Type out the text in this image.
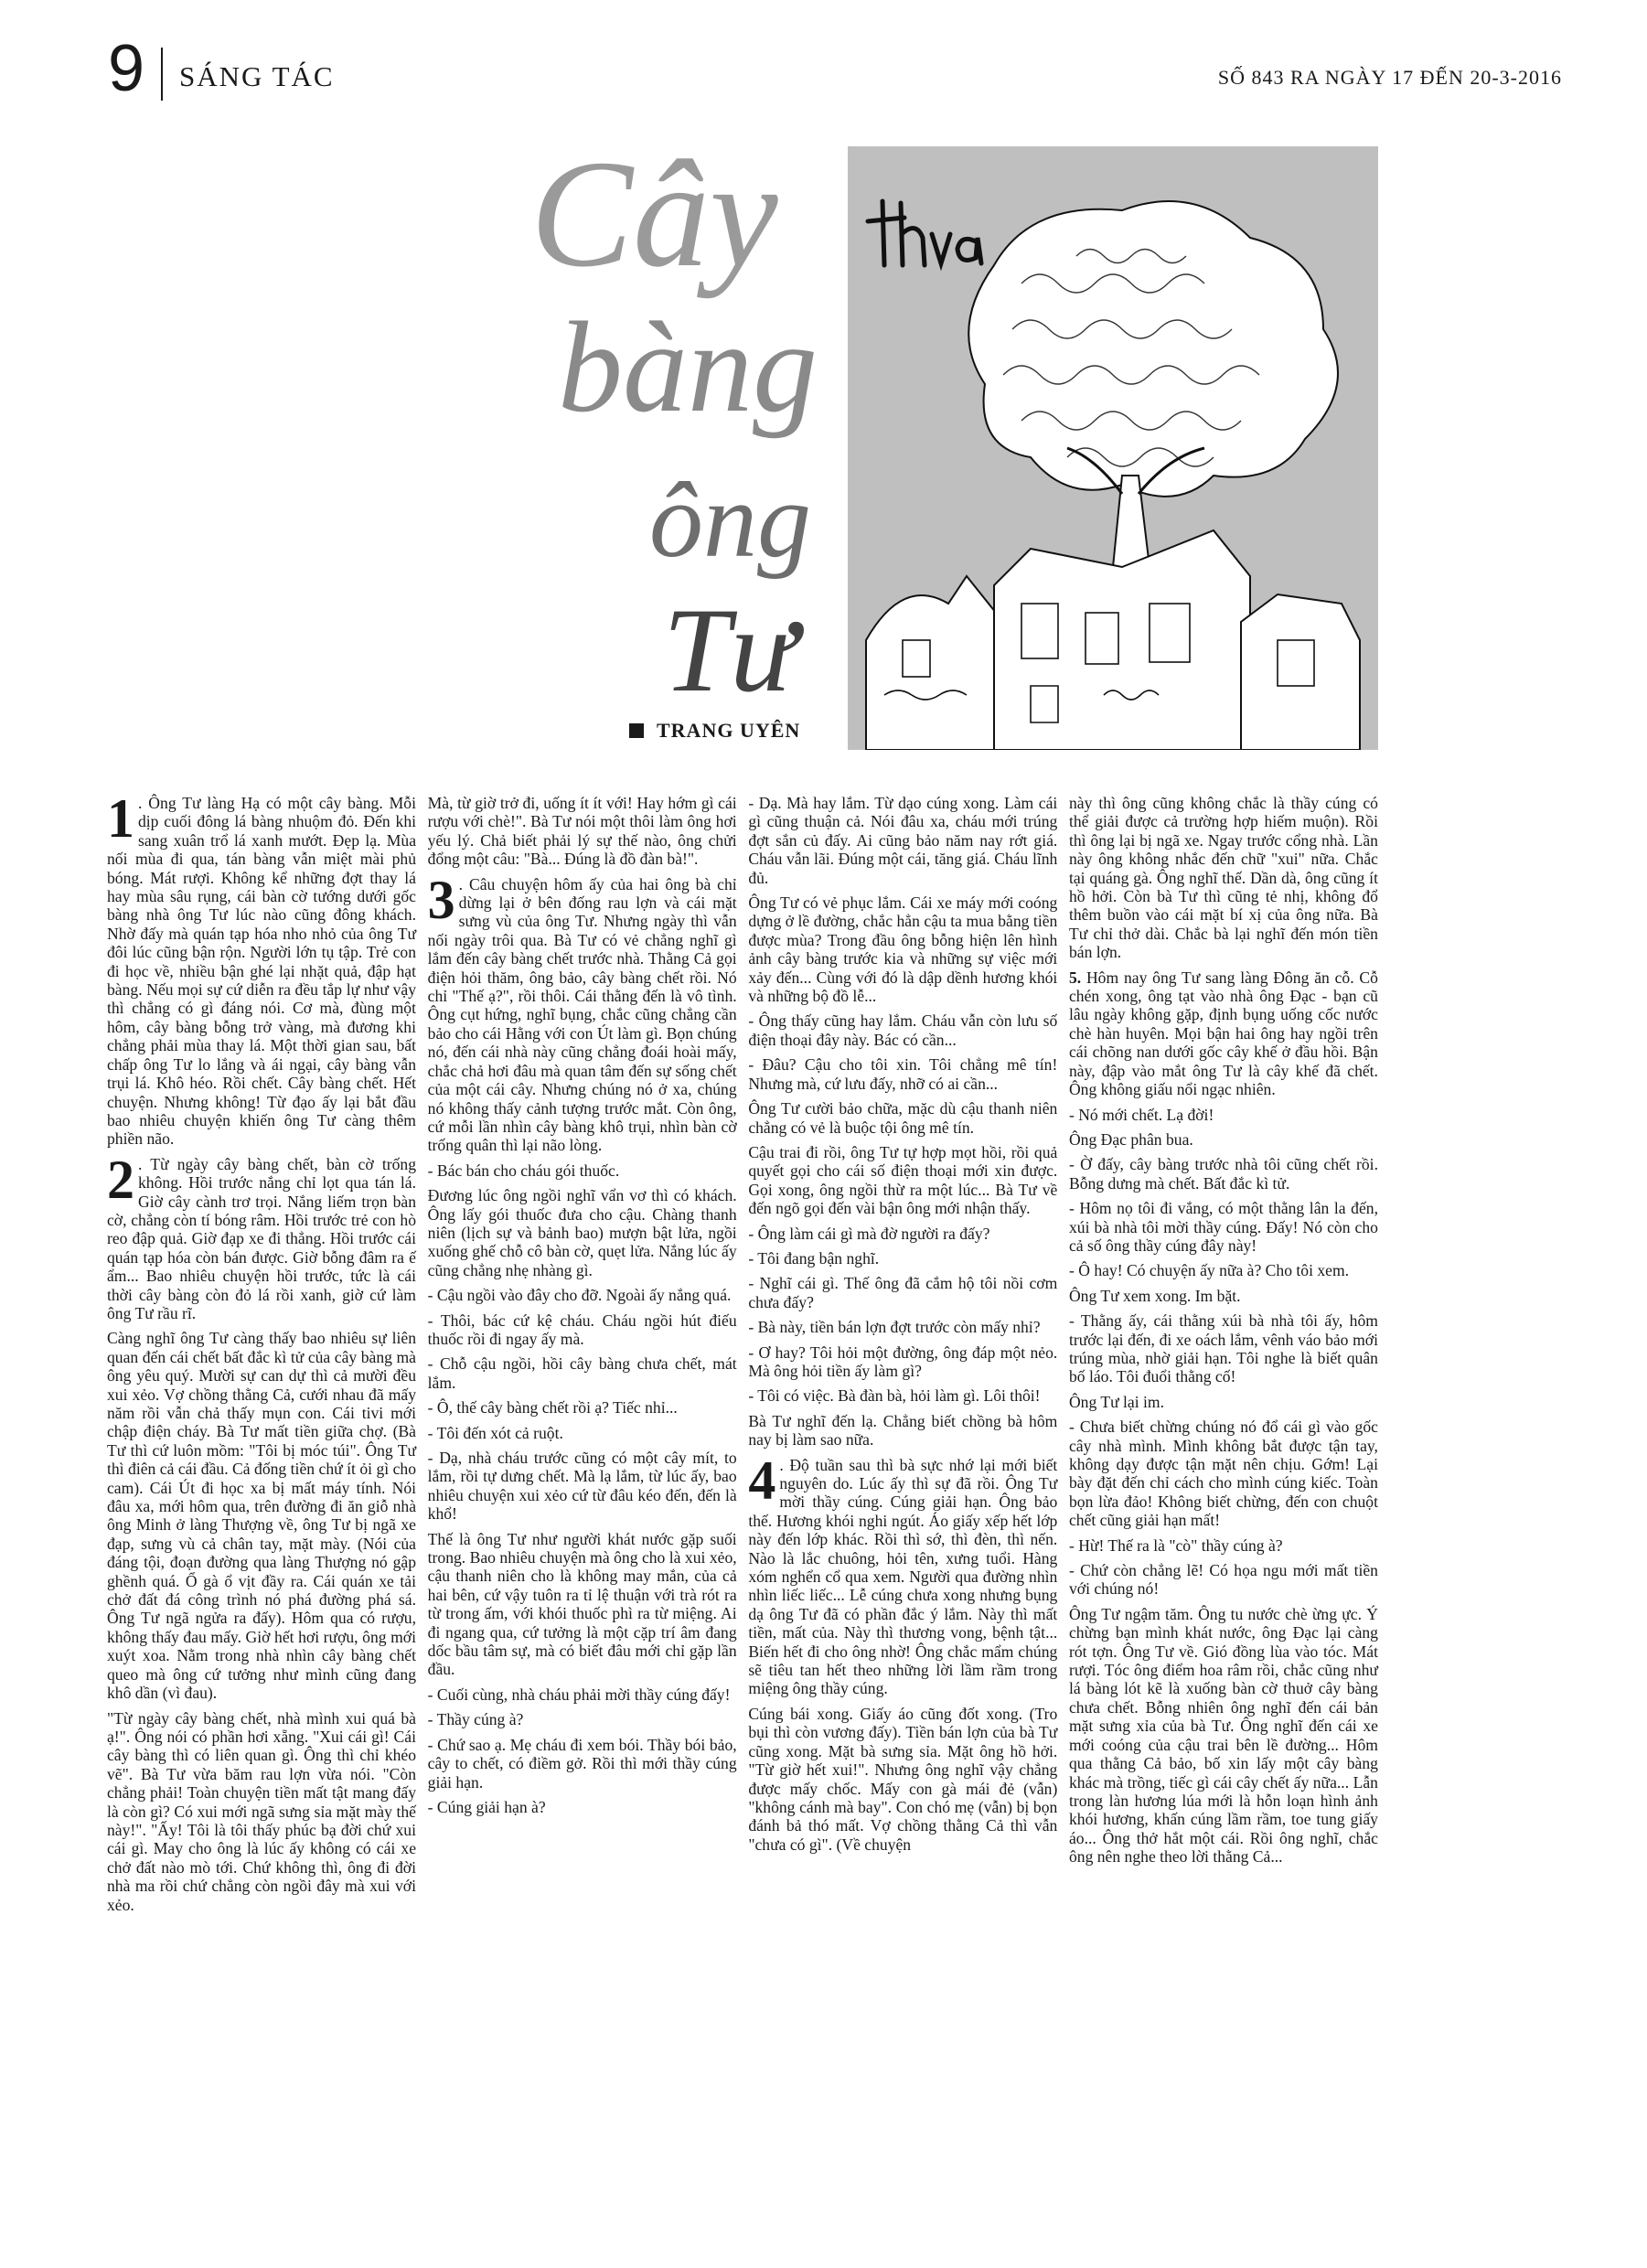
9 SÁNG TÁC	SỐ 843 RA NGÀY 17 ĐẾN 20-3-2016
Cây
bàng
ông
Tư
TRANG UYÊN

1 . Ông Tư làng Hạ có một cây bàng. Mỗi dịp cuối đông lá bàng nhuộm đỏ. Đến khi sang xuân trổ lá xanh mướt. Đẹp lạ. Mùa nối mùa đi qua, tán bàng vẫn miệt mài phủ bóng. Mát rượi. Không kể những đợt thay lá hay mùa sâu rụng, cái bàn cờ tướng dưới gốc bàng nhà ông Tư lúc nào cũng đông khách. Nhờ đấy mà quán tạp hóa nho nhỏ của ông Tư đôi lúc cũng bận rộn. Người lớn tụ tập. Trẻ con đi học về, nhiều bận ghé lại nhặt quả, đập hạt bàng. Nếu mọi sự cứ diễn ra đều tắp lự như vậy thì chẳng có gì đáng nói. Cơ mà, đùng một hôm, cây bàng bỗng trở vàng, mà đương khi chẳng phải mùa thay lá. Một thời gian sau, bất chấp ông Tư lo lắng và ái ngại, cây bàng vẫn trụi lá. Khô héo. Rồi chết. Cây bàng chết. Hết chuyện. Nhưng không! Từ đạo ấy lại bắt đầu bao nhiêu chuyện khiến ông Tư càng thêm phiền não.

2 . Từ ngày cây bàng chết, bàn cờ trống không. Hồi trước nắng chỉ lọt qua tán lá. Giờ cây cành trơ trọi. Nắng liếm trọn bàn cờ, chẳng còn tí bóng râm. Hồi trước trẻ con hò reo đập quả. Giờ đạp xe đi thẳng. Hồi trước cái quán tạp hóa còn bán được. Giờ bỗng đâm ra ế ẩm... Bao nhiêu chuyện hồi trước, tức là cái thời cây bàng còn đỏ lá rồi xanh, giờ cứ làm ông Tư rầu rĩ.

Càng nghĩ ông Tư càng thấy bao nhiêu sự liên quan đến cái chết bất đắc kì tử của cây bàng mà ông yêu quý. Mười sự can dự thì cả mười đều xui xẻo. Vợ chồng thằng Cả, cưới nhau đã mấy năm rồi vẫn chả thấy mụn con. Cái tivi mới chập điện cháy. Bà Tư mất tiền giữa chợ. (Bà Tư thì cứ luôn mồm: "Tôi bị móc túi". Ông Tư thì điên cả cái đầu. Cả đống tiền chứ ít ỏi gì cho cam). Cái Út đi học xa bị mất máy tính. Nói đâu xa, mới hôm qua, trên đường đi ăn giỗ nhà ông Minh ở làng Thượng về, ông Tư bị ngã xe đạp, sưng vù cả chân tay, mặt mày. (Nói của đáng tội, đoạn đường qua làng Thượng nó gập ghềnh quá. Ổ gà ổ vịt đầy ra. Cái quán xe tải chở đất đá công trình nó phá đường phá sá. Ông Tư ngã ngửa ra đấy). Hôm qua có rượu, không thấy đau mấy. Giờ hết hơi rượu, ông mới xuýt xoa. Nằm trong nhà nhìn cây bàng chết queo mà ông cứ tưởng như mình cũng đang khô dần (vì đau).

"Từ ngày cây bàng chết, nhà mình xui quá bà ạ!". Ông nói có phần hơi xẵng. "Xui cái gì! Cái cây bàng thì có liên quan gì. Ông thì chỉ khéo vẽ". Bà Tư vừa băm rau lợn vừa nói. "Còn chẳng phải! Toàn chuyện tiền mất tật mang đấy là còn gì? Có xui mới ngã sưng sỉa mặt mày thế này!". "Ấy! Tôi là tôi thấy phúc bạ đời chứ xui cái gì. May cho ông là lúc ấy không có cái xe chở đất nào mò tới. Chứ không thì, ông đi đời nhà ma rồi chứ chẳng còn ngồi đây mà xui với xẻo.

Mà, từ giờ trở đi, uống ít ít với! Hay hớm gì cái rượu với chè!". Bà Tư nói một thôi làm ông hơi yếu lý. Chả biết phải lý sự thế nào, ông chửi đổng một câu: "Bà... Đúng là đồ đàn bà!".

3 . Câu chuyện hôm ấy của hai ông bà chỉ dừng lại ở bên đống rau lợn và cái mặt sưng vù của ông Tư. Nhưng ngày thì vẫn nối ngày trôi qua. Bà Tư có vẻ chẳng nghĩ gì lắm đến cây bàng chết trước nhà. Thằng Cả gọi điện hỏi thăm, ông bảo, cây bàng chết rồi. Nó chỉ "Thế ạ?", rồi thôi. Cái thằng đến là vô tình. Ông cụt hứng, nghĩ bụng, chắc cũng chẳng cần bảo cho cái Hằng với con Út làm gì. Bọn chúng nó, đến cái nhà này cũng chẳng đoái hoài mấy, chắc chả hơi đâu mà quan tâm đến sự sống chết của một cái cây. Nhưng chúng nó ở xa, chúng nó không thấy cảnh tượng trước mắt. Còn ông, cứ mỗi lần nhìn cây bàng khô trụi, nhìn bàn cờ trống quân thì lại não lòng.

- Bác bán cho cháu gói thuốc.

Đương lúc ông ngồi nghĩ vẩn vơ thì có khách. Ông lấy gói thuốc đưa cho cậu. Chàng thanh niên (lịch sự và bảnh bao) mượn bật lửa, ngồi xuống ghế chỗ cô bàn cờ, quẹt lửa. Nắng lúc ấy cũng chẳng nhẹ nhàng gì.

- Cậu ngồi vào đây cho đỡ. Ngoài ấy nắng quá.

- Thôi, bác cứ kệ cháu. Cháu ngồi hút điếu thuốc rồi đi ngay ấy mà.

- Chỗ cậu ngồi, hồi cây bàng chưa chết, mát lắm.

- Ô, thế cây bàng chết rồi ạ? Tiếc nhỉ...

- Tôi đến xót cả ruột.

- Dạ, nhà cháu trước cũng có một cây mít, to lắm, rồi tự dưng chết. Mà lạ lắm, từ lúc ấy, bao nhiêu chuyện xui xẻo cứ từ đâu kéo đến, đến là khổ!

Thế là ông Tư như người khát nước gặp suối trong. Bao nhiêu chuyện mà ông cho là xui xẻo, cậu thanh niên cho là không may mắn, của cả hai bên, cứ vậy tuôn ra tỉ lệ thuận với trà rót ra từ trong ấm, với khói thuốc phì ra từ miệng. Ai đi ngang qua, cứ tưởng là một cặp trí âm đang dốc bầu tâm sự, mà có biết đâu mới chỉ gặp lần đầu.

- Cuối cùng, nhà cháu phải mời thầy cúng đấy!

- Thầy cúng à?

- Chứ sao ạ. Mẹ cháu đi xem bói. Thầy bói bảo, cây to chết, có điềm gở. Rồi thì mới thầy cúng giải hạn.

- Cúng giải hạn à?

- Dạ. Mà hay lắm. Từ dạo cúng xong. Làm cái gì cũng thuận cả. Nói đâu xa, cháu mới trúng đợt sắn củ đấy. Ai cũng bảo năm nay rớt giá. Cháu vẫn lãi. Đúng một cái, tăng giá. Cháu lĩnh đủ.

Ông Tư có vẻ phục lắm. Cái xe máy mới coóng dựng ở lề đường, chắc hẳn cậu ta mua bằng tiền được mùa? Trong đầu ông bỗng hiện lên hình ảnh cây bàng trước kia và những sự việc mới xảy đến... Cùng với đó là dập dềnh hương khói và những bộ đồ lễ...

- Ông thấy cũng hay lắm. Cháu vẫn còn lưu số điện thoại đây này. Bác có cần...

- Đâu? Cậu cho tôi xin. Tôi chẳng mê tín! Nhưng mà, cứ lưu đấy, nhỡ có ai cần...

Ông Tư cười bảo chữa, mặc dù cậu thanh niên chẳng có vẻ là buộc tội ông mê tín.

Cậu trai đi rồi, ông Tư tự hợp mọt hồi, rồi quả quyết gọi cho cái số điện thoại mới xin được. Gọi xong, ông ngồi thừ ra một lúc... Bà Tư về đến ngõ gọi đến vài bận ông mới nhận thấy.

- Ông làm cái gì mà đờ người ra đấy?

- Tôi đang bận nghĩ.

- Nghĩ cái gì. Thế ông đã cắm hộ tôi nồi cơm chưa đấy?

- Bà này, tiền bán lợn đợt trước còn mấy nhỉ?

- Ơ hay? Tôi hỏi một đường, ông đáp một nẻo. Mà ông hỏi tiền ấy làm gì?

- Tôi có việc. Bà đàn bà, hỏi làm gì. Lôi thôi!

Bà Tư nghĩ đến lạ. Chẳng biết chồng bà hôm nay bị làm sao nữa.

4 . Độ tuần sau thì bà sực nhớ lại mới biết nguyên do. Lúc ấy thì sự đã rồi. Ông Tư mời thầy cúng. Cúng giải hạn. Ông bảo thế. Hương khói nghi ngút. Áo giấy xếp hết lớp này đến lớp khác. Rồi thì sớ, thì đèn, thì nến. Nào là lắc chuông, hỏi tên, xưng tuổi. Hàng xóm nghển cổ qua xem. Người qua đường nhìn nhìn liếc liếc... Lễ cúng chưa xong nhưng bụng dạ ông Tư đã có phần đắc ý lắm. Này thì mất tiền, mất của. Này thì thương vong, bệnh tật... Biến hết đi cho ông nhờ! Ông chắc mẩm chúng sẽ tiêu tan hết theo những lời lầm rầm trong miệng ông thầy cúng.

Cúng bái xong. Giấy áo cũng đốt xong. (Tro bụi thì còn vương đấy). Tiền bán lợn của bà Tư cũng xong. Mặt bà sưng sỉa. Mặt ông hồ hởi. "Từ giờ hết xui!". Nhưng ông nghĩ vậy chẳng được mấy chốc. Mấy con gà mái đẻ (vẫn) "không cánh mà bay". Con chó mẹ (vẫn) bị bọn đánh bả thó mất. Vợ chồng thằng Cả thì vẫn "chưa có gì". (Về chuyện

này thì ông cũng không chắc là thầy cúng có thể giải được cả trường hợp hiếm muộn). Rồi thì ông lại bị ngã xe. Ngay trước cổng nhà. Lần này ông không nhắc đến chữ "xui" nữa. Chắc tại quáng gà. Ông nghĩ thế. Dần dà, ông cũng ít hồ hởi. Còn bà Tư thì cũng tẻ nhị, không đổ thêm buồn vào cái mặt bí xị của ông nữa. Bà Tư chỉ thở dài. Chắc bà lại nghĩ đến món tiền bán lợn.

5. Hôm nay ông Tư sang làng Đông ăn cỗ. Cỗ chén xong, ông tạt vào nhà ông Đạc - bạn cũ lâu ngày không gặp, định bụng uống cốc nước chè hàn huyên. Mọi bận hai ông hay ngồi trên cái chõng nan dưới gốc cây khế ở đầu hồi. Bận này, đập vào mắt ông Tư là cây khế đã chết. Ông không giấu nổi ngạc nhiên.

- Nó mới chết. Lạ đời!

Ông Đạc phân bua.

- Ờ đấy, cây bàng trước nhà tôi cũng chết rồi. Bỗng dưng mà chết. Bất đắc kì tử.

- Hôm nọ tôi đi vắng, có một thằng lân la đến, xúi bà nhà tôi mời thầy cúng. Đấy! Nó còn cho cả số ông thầy cúng đây này!

- Ô hay! Có chuyện ấy nữa à? Cho tôi xem.

Ông Tư xem xong. Im bặt.

- Thằng ấy, cái thằng xúi bà nhà tôi ấy, hôm trước lại đến, đi xe oách lắm, vênh váo bảo mới trúng mùa, nhờ giải hạn. Tôi nghe là biết quân bố láo. Tôi đuổi thằng cố!

Ông Tư lại im.

- Chưa biết chừng chúng nó đổ cái gì vào gốc cây nhà mình. Mình không bắt được tận tay, không dạy được tận mặt nên chịu. Gớm! Lại bày đặt đến chỉ cách cho mình cúng kiếc. Toàn bọn lừa đảo! Không biết chừng, đến con chuột chết cũng giải hạn mất!

- Hừ! Thế ra là "cò" thầy cúng à?

- Chứ còn chẳng lẽ! Có họa ngu mới mất tiền với chúng nó!

Ông Tư ngậm tăm. Ông tu nước chè ừng ực. Ý chừng bạn mình khát nước, ông Đạc lại càng rót tợn. Ông Tư về. Gió đồng lùa vào tóc. Mát rượi. Tóc ông điểm hoa râm rồi, chắc cũng như lá bàng lót kẽ là xuống bàn cờ thuở cây bàng chưa chết. Bỗng nhiên ông nghĩ đến cái bản mặt sưng xỉa của bà Tư. Ông nghĩ đến cái xe mới coóng của cậu trai bên lề đường... Hôm qua thằng Cả bảo, bố xin lấy một cây bàng khác mà trồng, tiếc gì cái cây chết ấy nữa... Lẫn trong làn hương lúa mới là hỗn loạn hình ảnh khói hương, khấn cúng lầm rầm, toe tung giấy áo... Ông thở hắt một cái. Rồi ông nghĩ, chắc ông nên nghe theo lời thằng Cả...
